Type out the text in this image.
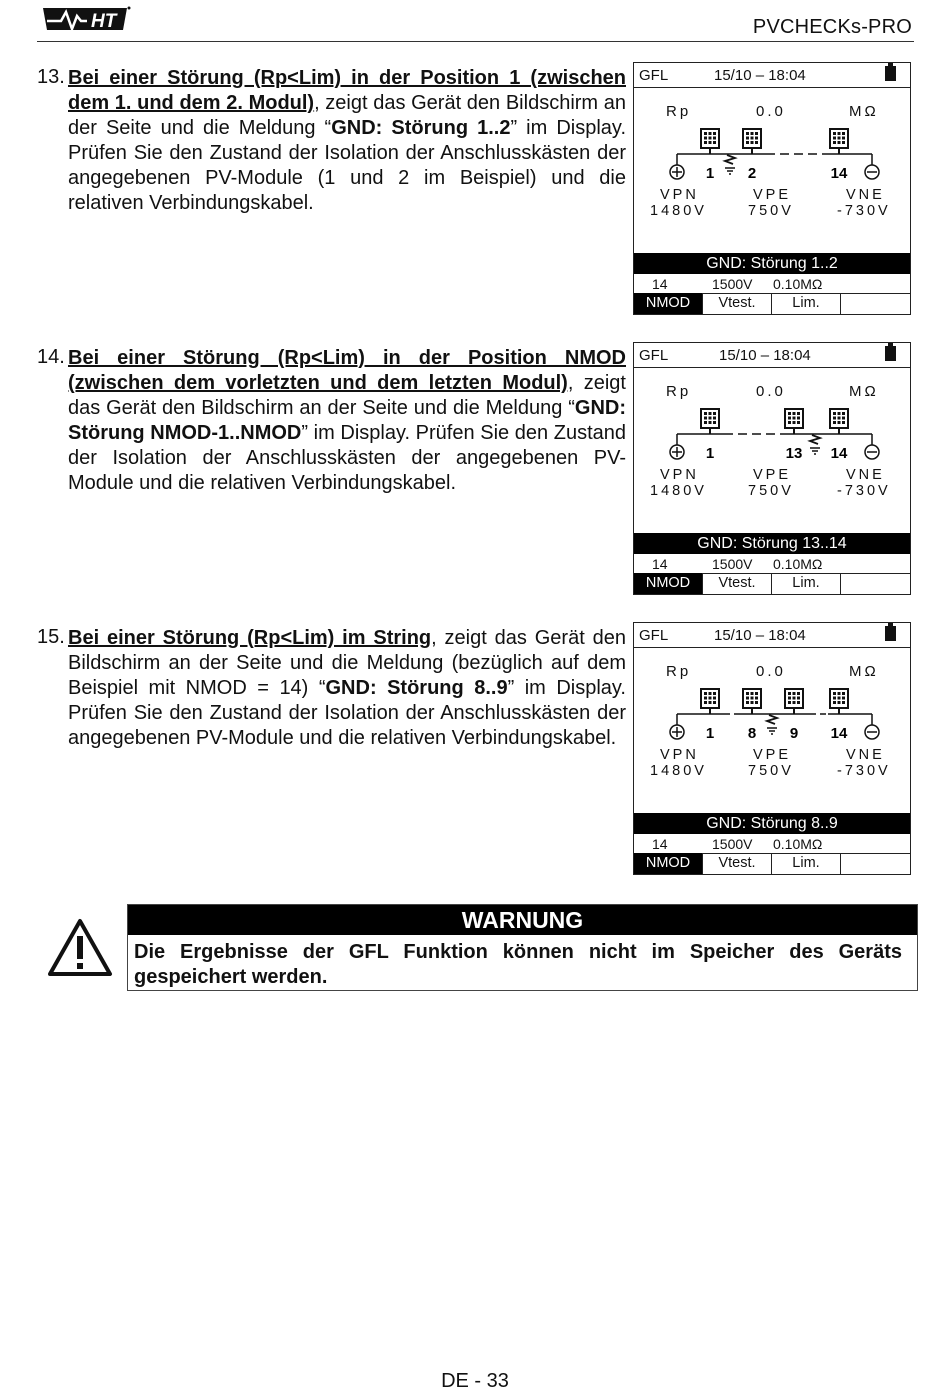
HT	PVCHECKs-PRO
13. Bei einer Störung (Rp<Lim) in der Position 1 (zwischen dem 1. und dem 2. Modul), zeigt das Gerät den Bildschirm an der Seite und die Meldung “GND: Störung 1..2” im Display. Prüfen Sie den Zustand der Isolation der Anschlusskästen der angegebenen PV-Module (1 und 2 im Beispiel) und die relativen Verbindungskabel.

GFL	15/10 – 18:04
Rp	0.0	MΩ
1 2	14
VPN
1480V
VPE
750V
VNE
-730V
GND: Störung 1..2
14	1500V 0.10MΩ
NMOD	Vtest.	Lim.
14. Bei einer Störung (Rp<Lim) in der Position NMOD (zwischen dem vorletzten und dem letzten Modul), zeigt das Gerät den Bildschirm an der Seite und die Meldung “GND: Störung NMOD-1..NMOD” im Display. Prüfen Sie den Zustand der Isolation der Anschlusskästen der angegebenen PV-Module und die relativen Verbindungskabel.

GFL	15/10 – 18:04
Rp	0.0	MΩ
1	13 14
VPN
1480V
VPE
750V
VNE
-730V
GND: Störung 13..14
14	1500V 0.10MΩ
NMOD	Vtest.	Lim.
15. Bei einer Störung (Rp<Lim) im String, zeigt das Gerät den Bildschirm an der Seite und die Meldung (bezüglich auf dem Beispiel mit NMOD = 14) “GND: Störung 8..9” im Display. Prüfen Sie den Zustand der Isolation der Anschlusskästen der angegebenen PV-Module und die relativen Verbindungskabel.

GFL	15/10 – 18:04
Rp	0.0	MΩ
1 8 9 14
VPN
1480V
VPE
750V
VNE
-730V
GND: Störung 8..9
14	1500V 0.10MΩ
NMOD	Vtest.	Lim.
WARNUNG

Die Ergebnisse der GFL Funktion können nicht im Speicher des Geräts gespeichert werden.

DE - 33
